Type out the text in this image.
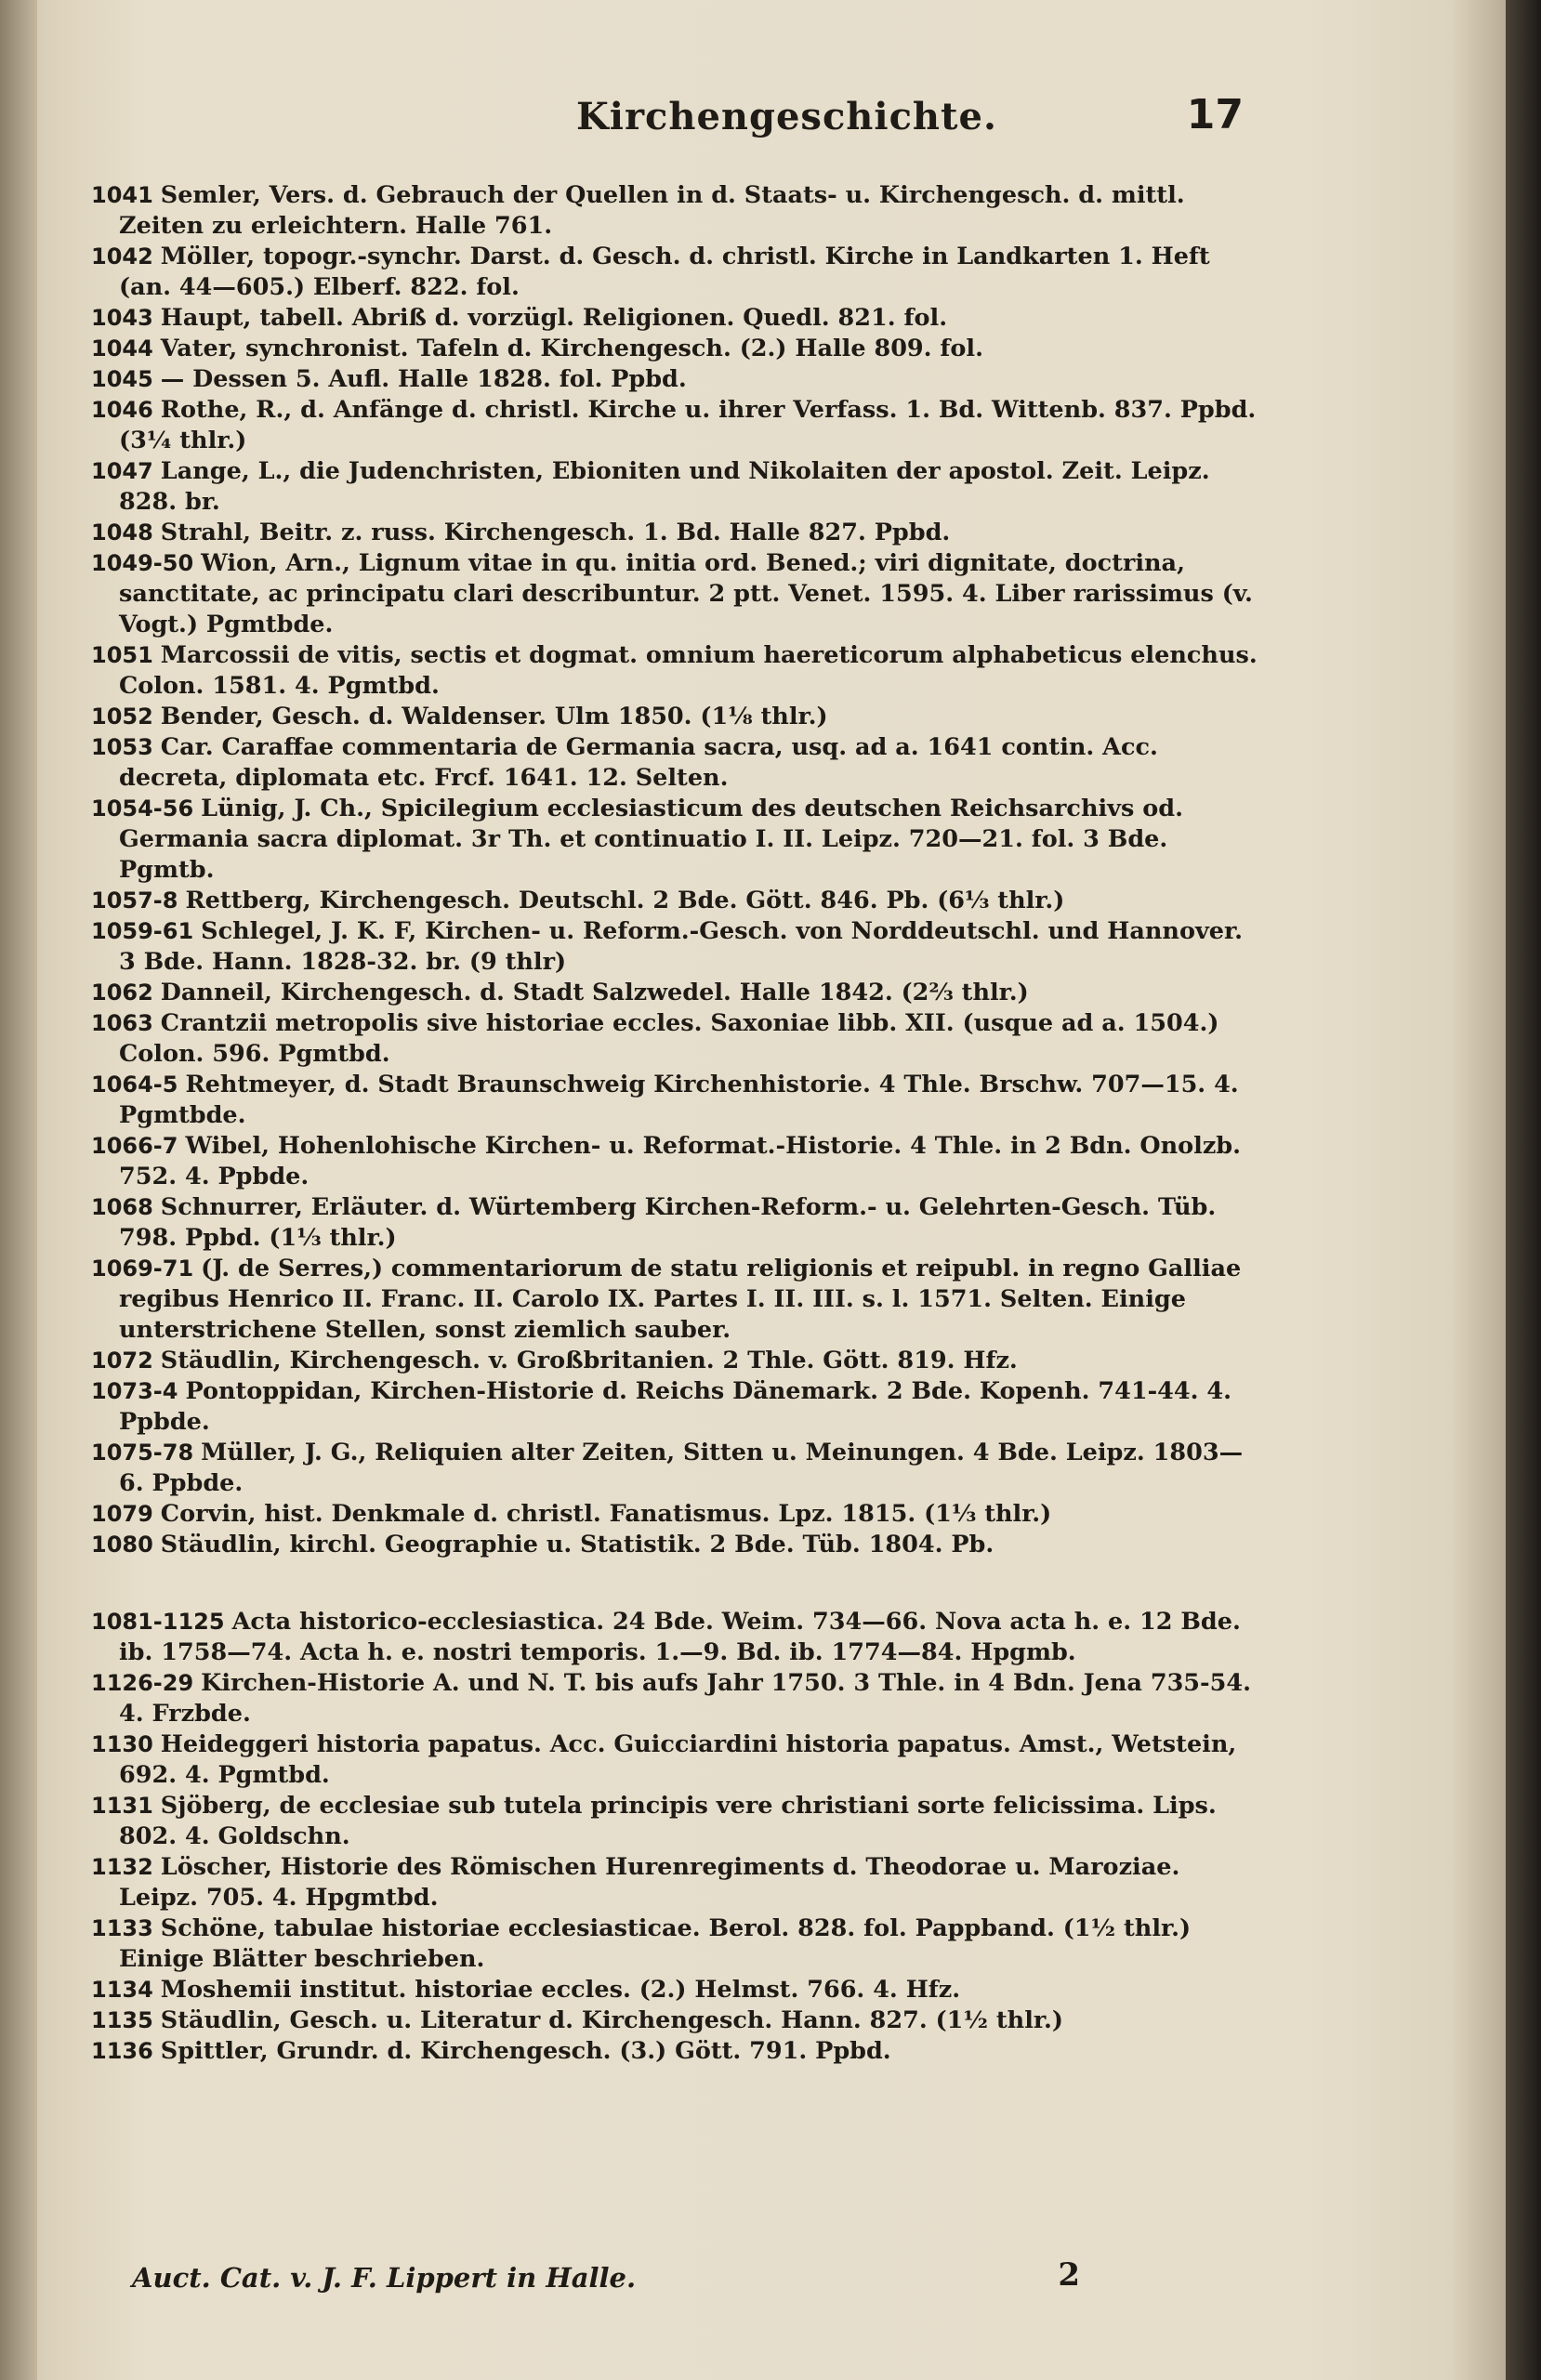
Kirchengeschichte.	17

1041 Semler, Vers. d. Gebrauch der Quellen in d. Staats- u. Kirchengesch. d. mittl. Zeiten zu erleichtern. Halle 761.

1042 Möller, topogr.-synchr. Darst. d. Gesch. d. christl. Kirche in Landkarten 1. Heft (an. 44—605.) Elberf. 822. fol.

1043 Haupt, tabell. Abriß d. vorzügl. Religionen. Quedl. 821. fol.

1044 Vater, synchronist. Tafeln d. Kirchengesch. (2.) Halle 809. fol.

1045 — Dessen 5. Aufl. Halle 1828. fol. Ppbd.

1046 Rothe, R., d. Anfänge d. christl. Kirche u. ihrer Verfass. 1. Bd. Wittenb. 837. Ppbd. (3¼ thlr.)

1047 Lange, L., die Judenchristen, Ebioniten und Nikolaiten der apostol. Zeit. Leipz. 828. br.

1048 Strahl, Beitr. z. russ. Kirchengesch. 1. Bd. Halle 827. Ppbd.

1049-50 Wion, Arn., Lignum vitae in qu. initia ord. Bened.; viri dignitate, doctrina, sanctitate, ac principatu clari describuntur. 2 ptt. Venet. 1595. 4. Liber rarissimus (v. Vogt.) Pgmtbde.

1051 Marcossii de vitis, sectis et dogmat. omnium haereticorum alphabeticus elenchus. Colon. 1581. 4. Pgmtbd.

1052 Bender, Gesch. d. Waldenser. Ulm 1850. (1⅛ thlr.)

1053 Car. Caraffae commentaria de Germania sacra, usq. ad a. 1641 contin. Acc. decreta, diplomata etc. Frcf. 1641. 12. Selten.

1054-56 Lünig, J. Ch., Spicilegium ecclesiasticum des deutschen Reichsarchivs od. Germania sacra diplomat. 3r Th. et continuatio I. II. Leipz. 720—21. fol. 3 Bde. Pgmtb.

1057-8 Rettberg, Kirchengesch. Deutschl. 2 Bde. Gött. 846. Pb. (6⅓ thlr.)

1059-61 Schlegel, J. K. F, Kirchen- u. Reform.-Gesch. von Norddeutschl. und Hannover. 3 Bde. Hann. 1828-32. br. (9 thlr)

1062 Danneil, Kirchengesch. d. Stadt Salzwedel. Halle 1842. (2⅔ thlr.)

1063 Crantzii metropolis sive historiae eccles. Saxoniae libb. XII. (usque ad a. 1504.) Colon. 596. Pgmtbd.

1064-5 Rehtmeyer, d. Stadt Braunschweig Kirchenhistorie. 4 Thle. Brschw. 707—15. 4. Pgmtbde.

1066-7 Wibel, Hohenlohische Kirchen- u. Reformat.-Historie. 4 Thle. in 2 Bdn. Onolzb. 752. 4. Ppbde.

1068 Schnurrer, Erläuter. d. Würtemberg Kirchen-Reform.- u. Gelehrten-Gesch. Tüb. 798. Ppbd. (1⅓ thlr.)

1069-71 (J. de Serres,) commentariorum de statu religionis et reipubl. in regno Galliae regibus Henrico II. Franc. II. Carolo IX. Partes I. II. III. s. l. 1571. Selten. Einige unterstrichene Stellen, sonst ziemlich sauber.

1072 Stäudlin, Kirchengesch. v. Großbritanien. 2 Thle. Gött. 819. Hfz.

1073-4 Pontoppidan, Kirchen-Historie d. Reichs Dänemark. 2 Bde. Kopenh. 741-44. 4. Ppbde.

1075-78 Müller, J. G., Reliquien alter Zeiten, Sitten u. Meinungen. 4 Bde. Leipz. 1803—6. Ppbde.

1079 Corvin, hist. Denkmale d. christl. Fanatismus. Lpz. 1815. (1⅓ thlr.)

1080 Stäudlin, kirchl. Geographie u. Statistik. 2 Bde. Tüb. 1804. Pb.

1081-1125 Acta historico-ecclesiastica. 24 Bde. Weim. 734—66. Nova acta h. e. 12 Bde. ib. 1758—74. Acta h. e. nostri temporis. 1.—9. Bd. ib. 1774—84. Hpgmb.

1126-29 Kirchen-Historie A. und N. T. bis aufs Jahr 1750. 3 Thle. in 4 Bdn. Jena 735-54. 4. Frzbde.

1130 Heideggeri historia papatus. Acc. Guicciardini historia papatus. Amst., Wetstein, 692. 4. Pgmtbd.

1131 Sjöberg, de ecclesiae sub tutela principis vere christiani sorte felicissima. Lips. 802. 4. Goldschn.

1132 Löscher, Historie des Römischen Hurenregiments d. Theodorae u. Maroziae. Leipz. 705. 4. Hpgmtbd.

1133 Schöne, tabulae historiae ecclesiasticae. Berol. 828. fol. Pappband. (1½ thlr.) Einige Blätter beschrieben.

1134 Moshemii institut. historiae eccles. (2.) Helmst. 766. 4. Hfz.

1135 Stäudlin, Gesch. u. Literatur d. Kirchengesch. Hann. 827. (1½ thlr.)

1136 Spittler, Grundr. d. Kirchengesch. (3.) Gött. 791. Ppbd.

Auct. Cat. v. J. F. Lippert in Halle.	2
